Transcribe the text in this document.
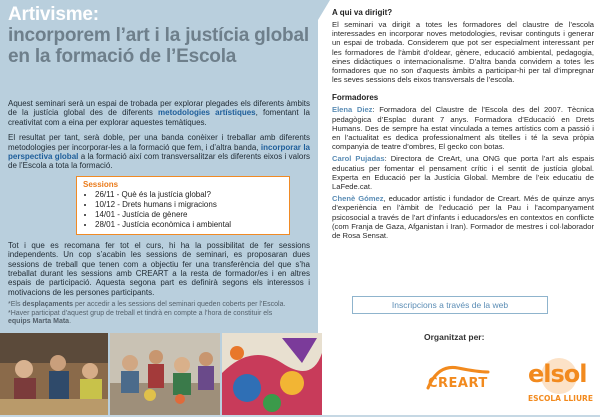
Artivisme:
incorporem l’art i la justícia global
en la formació de l’Escola

Aquest seminari serà un espai de trobada per explorar plegades els diferents àmbits de la justícia global des de diferents metodologies artístiques, fomentant la creativitat com a eina per explorar aquestes temàtiques.

El resultat per tant, serà doble, per una banda conèixer i treballar amb diferents metodologies per incorporar-les a la formació que fem, i d’altra banda, incorporar la perspectiva global a la formació així com transversalitzar els diferents eixos i valors de l’Escola a tota la formació.

Sessions
• 26/11 - Què és la justícia global?
• 10/12 - Drets humans i migracions
• 14/01 - Justícia de gènere
• 28/01 - Justícia econòmica i ambiental

Tot i que es recomana fer tot el curs, hi ha la possibilitat de fer sessions independents. Un cop s’acabin les sessions de seminari, es proposaran dues sessions de treball que tenen com a objectiu fer una transferència del que s’ha treballat durant les sessions amb CREART a la resta de formador/es i en altres espais de participació. Aquesta segona part es definirà segons els interessos i motivacions de les persones participants.

*Els desplaçaments per accedir a les sessions del seminari queden coberts per l’Escola.
*Haver participat d’aquest grup de treball et tindrà en compte a l’hora de constituir els
equips Marta Mata.

A qui va dirigit?

El seminari va dirigit a totes les formadores del claustre de l’escola interessades en incorporar noves metodologies, revisar continguts i generar un espai de trobada. Considerem que pot ser especialment interessant per les formadores de l’àmbit d’oldear, gènere, educació ambiental, pedagogia, eines didàctiques o internacionalisme. D’altra banda convidem a totes les formadores que no son d’aquests àmbits a participar-hi per tal d’impregnar les seves sessions dels eixos transversals de l’escola.

Formadores

Elena Diez: Formadora del Claustre de l’Escola des del 2007. Tècnica pedagògica d’Esplac durant 7 anys. Formadora d’Educació en Drets Humans. Des de sempre ha estat vinculada a temes artístics com a passió i en l’actualitat es dedica professionalment als titelles i té la seva pròpia companyia de teatre d’ombres, El gecko con botas.

Carol Pujadas: Directora de CreArt, una ONG que porta l’art als espais educatius per fomentar el pensament crític i el sentit de justícia global. Experta en Educació per la Justícia Global. Membre de l’eix educatiu de LaFede.cat.

Chenè Gómez, educador artístic i fundador de Creart. Més de quinze anys d’experiència en l’àmbit de l’educació per la Pau i l’acompanyament psicosocial a través de l’art d’infants i educadors/es en contextos en conflicte (com Franja de Gaza, Afganistan i Iran). Formador de mestres i col·laborador de Rosa Sensat.

Inscripcions a través de la web
Organitzat per:
CREART elsol
ESCOLA LLIURE
